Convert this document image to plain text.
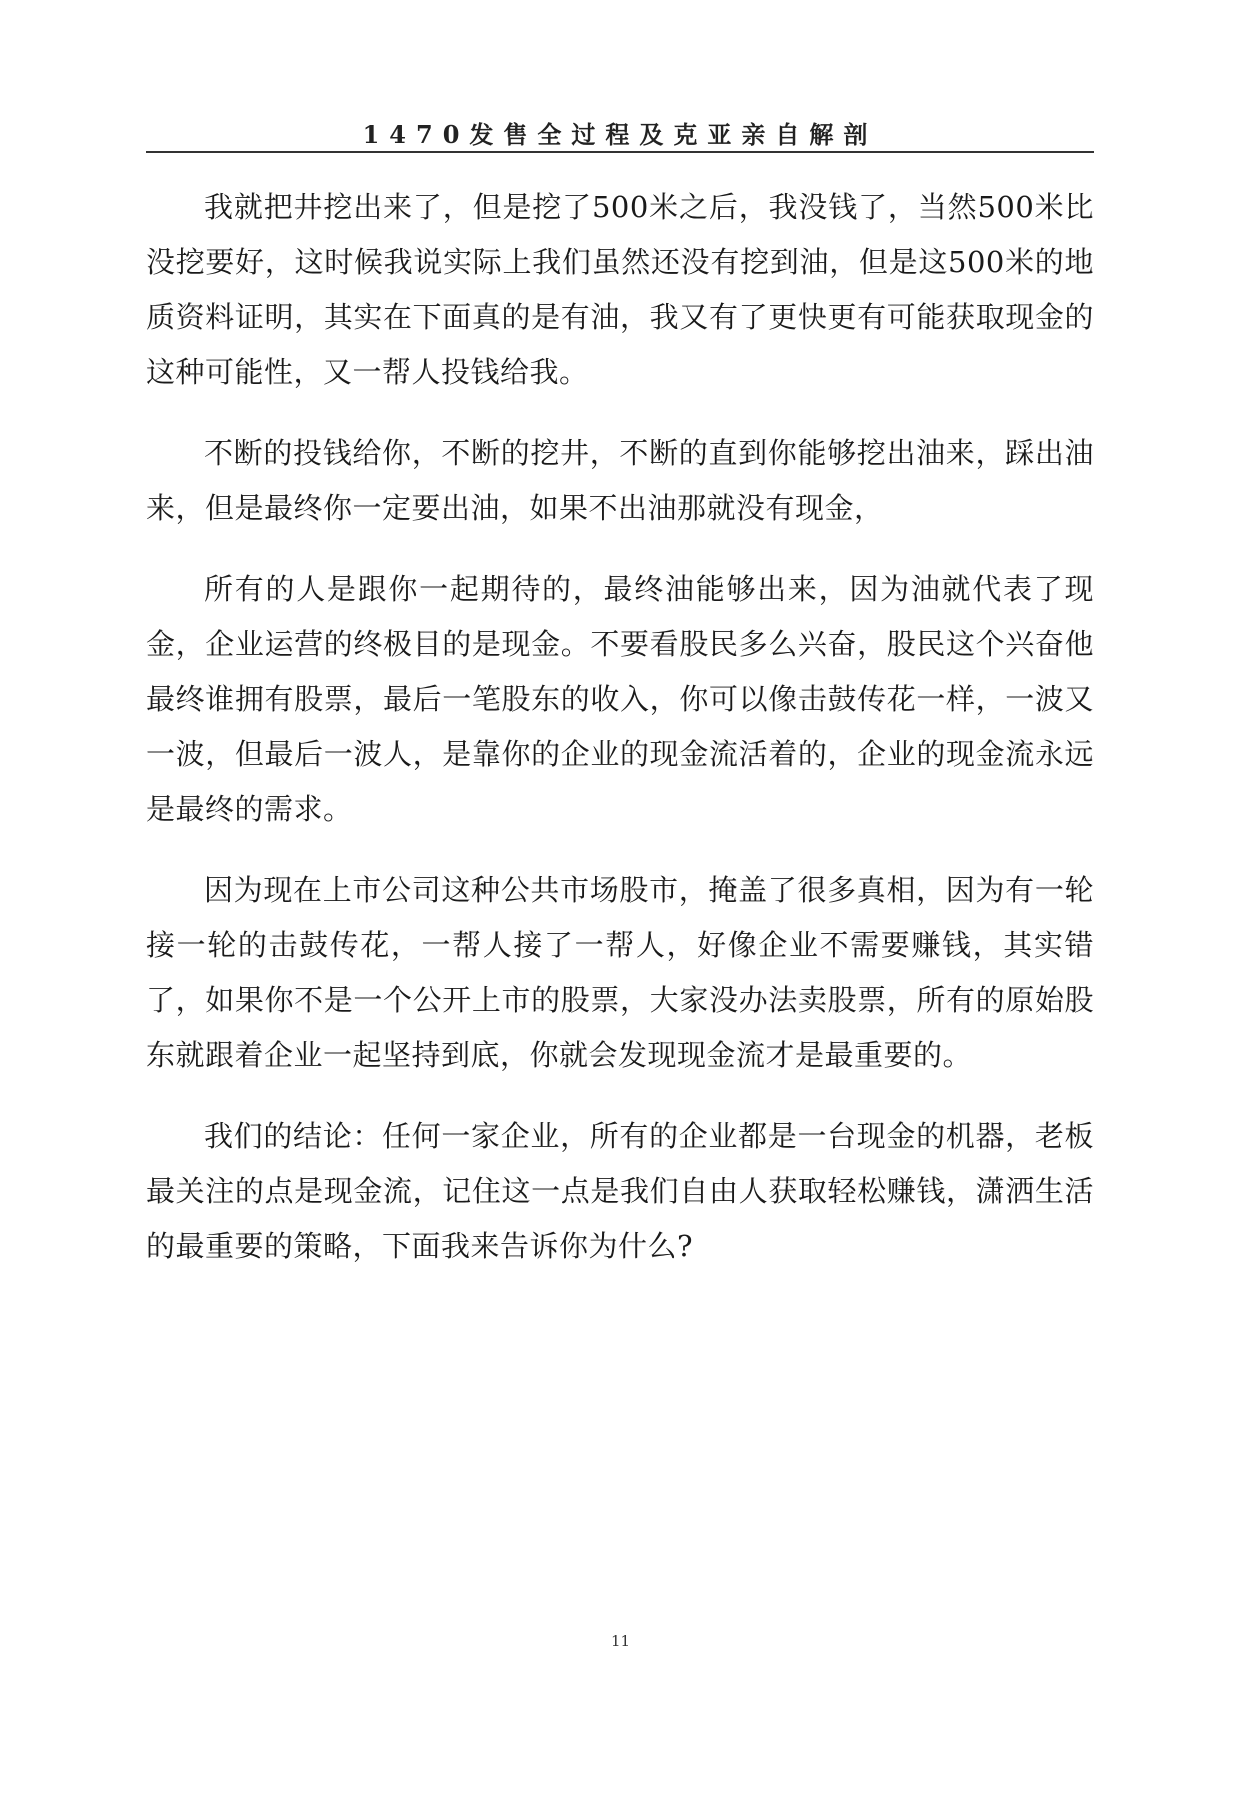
1470发售全过程及克亚亲自解剖

我就把井挖出来了，但是挖了500米之后，我没钱了，当然500米比没挖要好，这时候我说实际上我们虽然还没有挖到油，但是这500米的地质资料证明，其实在下面真的是有油，我又有了更快更有可能获取现金的这种可能性，又一帮人投钱给我。

不断的投钱给你，不断的挖井，不断的直到你能够挖出油来，踩出油来，但是最终你一定要出油，如果不出油那就没有现金，

所有的人是跟你一起期待的，最终油能够出来，因为油就代表了现金，企业运营的终极目的是现金。不要看股民多么兴奋，股民这个兴奋他最终谁拥有股票，最后一笔股东的收入，你可以像击鼓传花一样，一波又一波，但最后一波人，是靠你的企业的现金流活着的，企业的现金流永远是最终的需求。

因为现在上市公司这种公共市场股市，掩盖了很多真相，因为有一轮接一轮的击鼓传花，一帮人接了一帮人，好像企业不需要赚钱，其实错了，如果你不是一个公开上市的股票，大家没办法卖股票，所有的原始股东就跟着企业一起坚持到底，你就会发现现金流才是最重要的。

我们的结论：任何一家企业，所有的企业都是一台现金的机器，老板最关注的点是现金流，记住这一点是我们自由人获取轻松赚钱，潇洒生活的最重要的策略，下面我来告诉你为什么?

11
